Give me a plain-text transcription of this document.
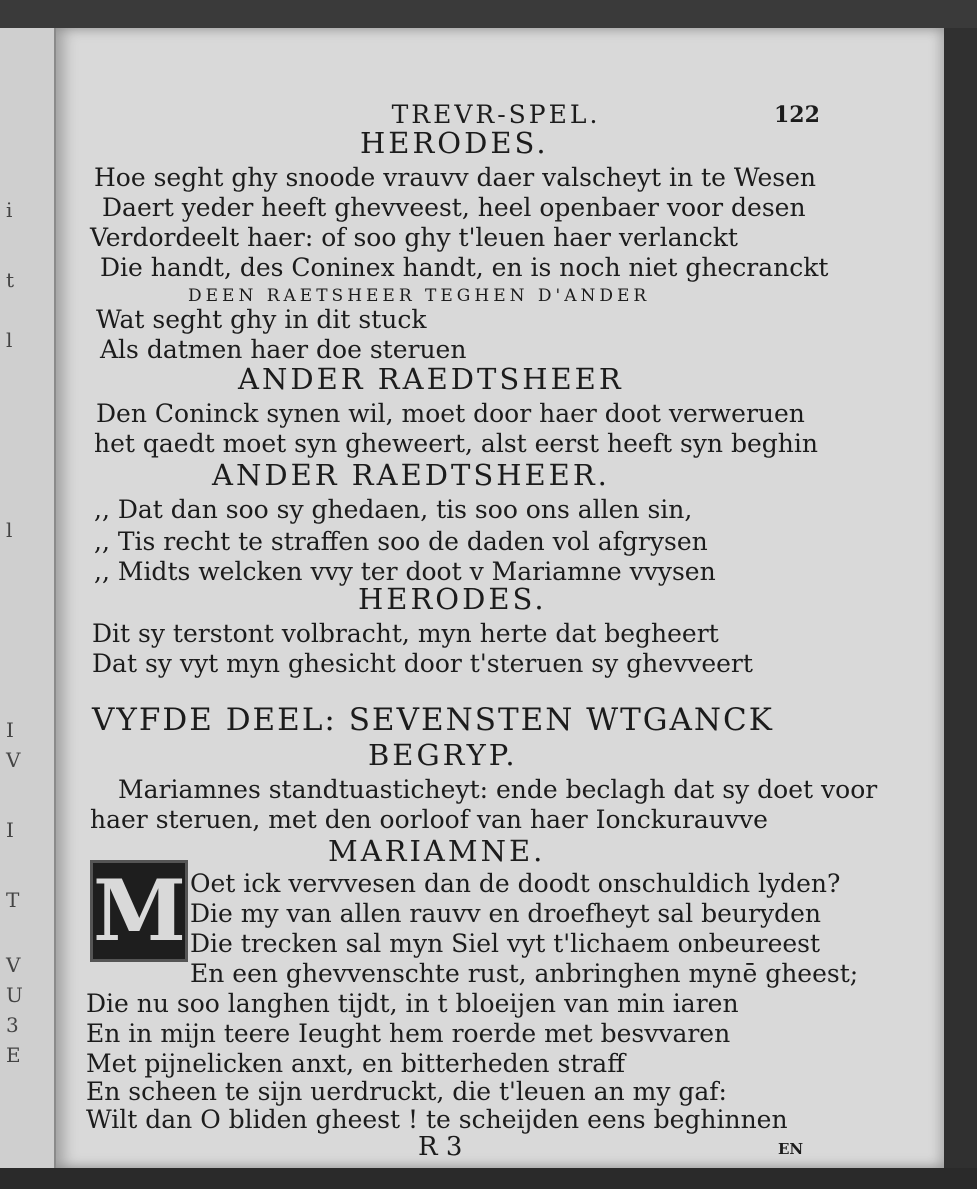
i
t
l
l
I
V
I
T
V
U
3
E
TREVR-SPEL.	122
HERODES.
Hoe seght ghy snoode vrauvv daer valscheyt in te Wesen
Daert yeder heeft ghevveest, heel openbaer voor desen
Verdordeelt haer: of soo ghy t'leuen haer verlanckt
Die handt, des Coninex handt, en is noch niet ghecranckt
DEEN RAETSHEER TEGHEN D'ANDER
Wat seght ghy in dit stuck
Als datmen haer doe steruen
ANDER RAEDTSHEER
Den Coninck synen wil, moet door haer doot verweruen
het qaedt moet syn gheweert, alst eerst heeft syn beghin
ANDER RAEDTSHEER.
,, Dat dan soo sy ghedaen, tis soo ons allen sin,
,, Tis recht te straffen soo de daden vol afgrysen
,, Midts welcken vvy ter doot v Mariamne vvysen
HERODES.
Dit sy terstont volbracht, myn herte dat begheert
Dat sy vyt myn ghesicht door t'steruen sy ghevveert
VYFDE DEEL: SEVENSTEN WTGANCK
BEGRYP.
Mariamnes standtuasticheyt: ende beclagh dat sy doet voor
haer steruen, met den oorloof van haer Ionckurauvve
MARIAMNE.
M Oet ick vervvesen dan de doodt onschuldich lyden?
Die my van allen rauvv en droefheyt sal beuryden
Die trecken sal myn Siel vyt t'lichaem onbeureest
En een ghevvenschte rust, anbringhen mynē gheest;
Die nu soo langhen tijdt, in t bloeijen van min iaren
En in mijn teere Ieught hem roerde met besvvaren
Met pijnelicken anxt, en bitterheden straff
En scheen te sijn uerdruckt, die t'leuen an my gaf:
Wilt dan O bliden gheest ! te scheijden eens beghinnen
R 3	EN
